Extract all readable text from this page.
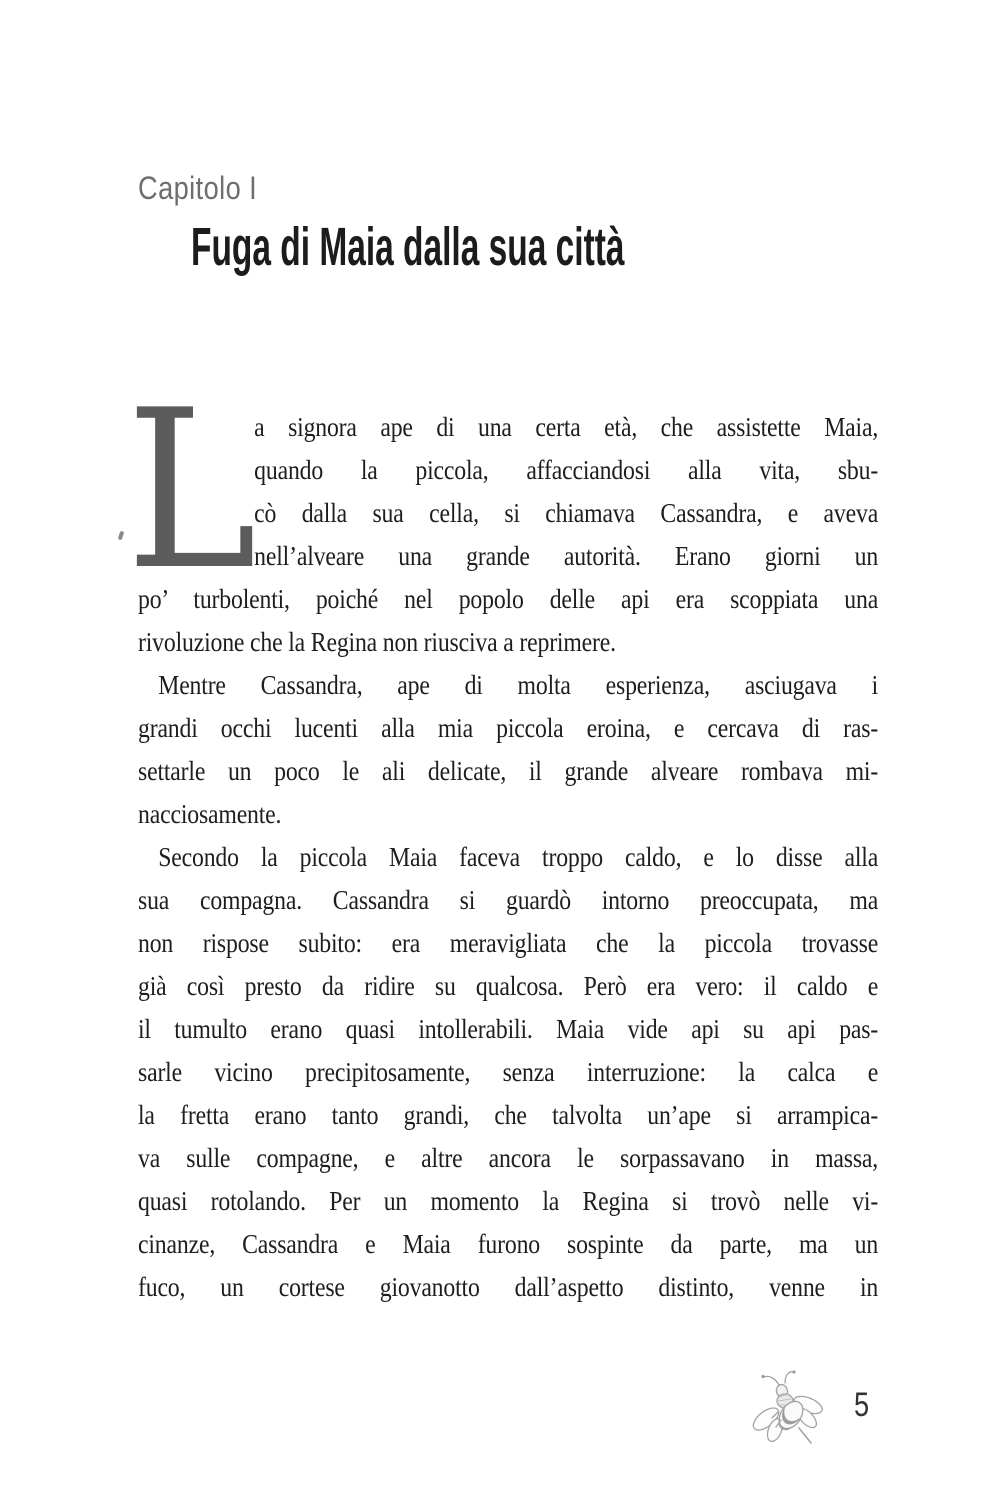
Capitolo I
Fuga di Maia dalla sua città
L
a signora ape di una certa età, che assistette Maia,
quando la piccola, affacciandosi alla vita, sbu-
cò dalla sua cella, si chiamava Cassandra, e aveva
nell’alveare una grande autorità. Erano giorni un
po’ turbolenti, poiché nel popolo delle api era scoppiata una
rivoluzione che la Regina non riusciva a reprimere.
Mentre Cassandra, ape di molta esperienza, asciugava i
grandi occhi lucenti alla mia piccola eroina, e cercava di ras-
settarle un poco le ali delicate, il grande alveare rombava mi-
nacciosamente.
Secondo la piccola Maia faceva troppo caldo, e lo disse alla
sua compagna. Cassandra si guardò intorno preoccupata, ma
non rispose subito: era meravigliata che la piccola trovasse
già così presto da ridire su qualcosa. Però era vero: il caldo e
il tumulto erano quasi intollerabili. Maia vide api su api pas-
sarle vicino precipitosamente, senza interruzione: la calca e
la fretta erano tanto grandi, che talvolta un’ape si arrampica-
va sulle compagne, e altre ancora le sorpassavano in massa,
quasi rotolando. Per un momento la Regina si trovò nelle vi-
cinanze, Cassandra e Maia furono sospinte da parte, ma un
fuco, un cortese giovanotto dall’aspetto distinto, venne in
5
